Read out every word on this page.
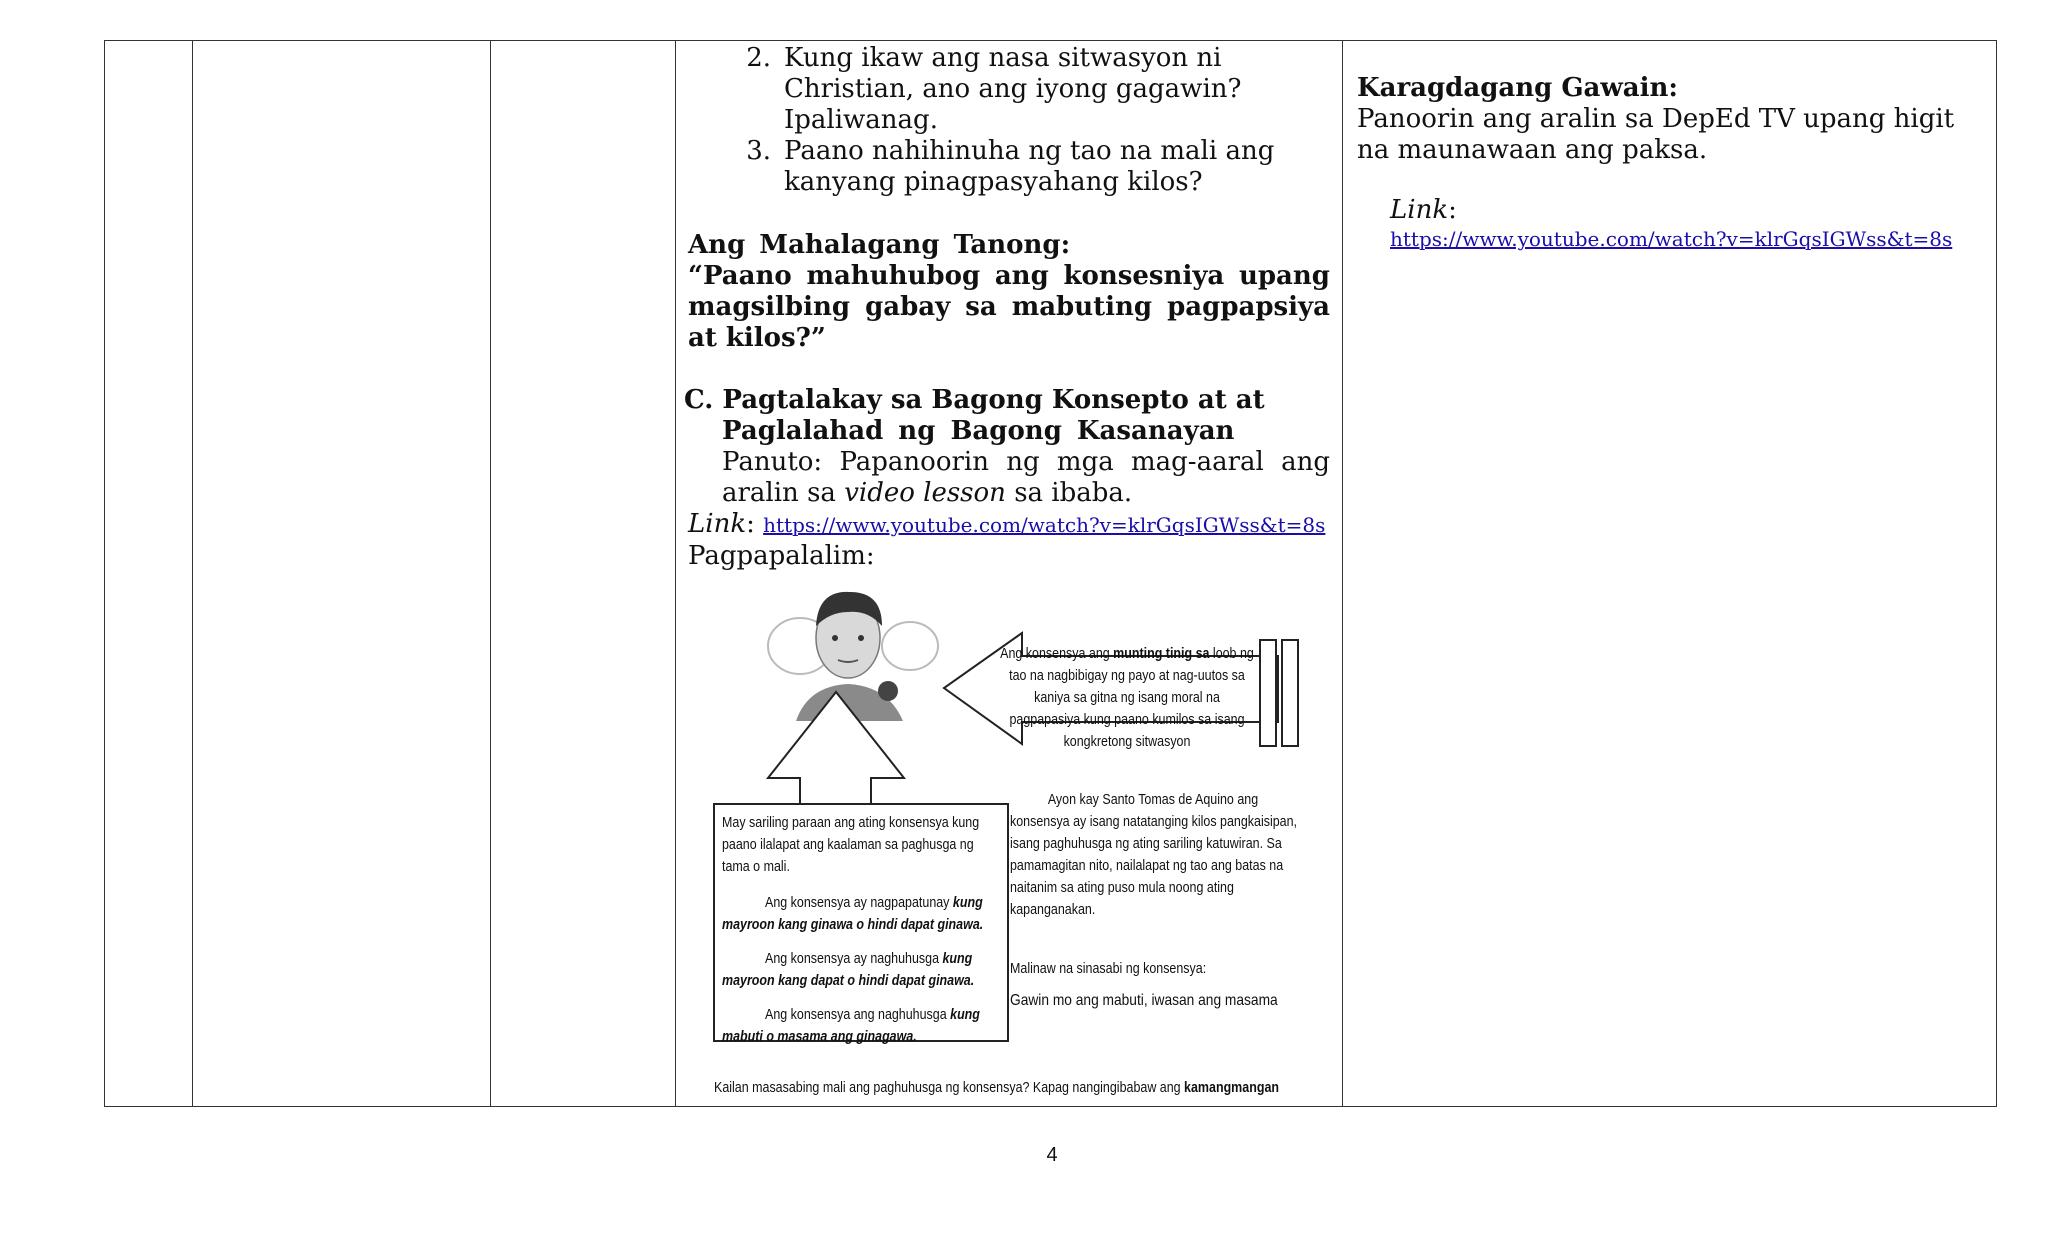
2. Kung ikaw ang nasa sitwasyon ni Christian, ano ang iyong gagawin? Ipaliwanag.
3. Paano nahihinuha ng tao na mali ang kanyang pinagpasyahang kilos?
Ang Mahalagang Tanong:
“Paano mahuhubog ang konsesniya upang magsilbing gabay sa mabuting pagpapsiya at kilos?”
C. Pagtalakay sa Bagong Konsepto at at
Paglalahad ng Bagong Kasanayan
Panuto: Papanoorin ng mga mag-aaral ang aralin sa video lesson sa ibaba.
Link: https://www.youtube.com/watch?v=klrGqsIGWss&t=8s
Pagpapalalim:
Ang konsensya ang munting tinig sa loob ng tao na nagbibigay ng payo at nag-uutos sa kaniya sa gitna ng isang moral na pagpapasiya kung paano kumilos sa isang kongkretong sitwasyon
May sariling paraan ang ating konsensya kung paano ilalapat ang kaalaman sa paghusga ng tama o mali.
Ang konsensya ay nagpapatunay kung mayroon kang ginawa o hindi dapat ginawa.
Ang konsensya ay naghuhusga kung mayroon kang dapat o hindi dapat ginawa.
Ang konsensya ang naghuhusga kung mabuti o masama ang ginagawa.
Ayon kay Santo Tomas de Aquino ang konsensya ay isang natatanging kilos pangkaisipan, isang paghuhusga ng ating sariling katuwiran. Sa pamamagitan nito, nailalapat ng tao ang batas na naitanim sa ating puso mula noong ating kapanganakan.
Malinaw na sinasabi ng konsensya:
Gawin mo ang mabuti, iwasan ang masama
Kailan masasabing mali ang paghuhusga ng konsensya? Kapag nangingibabaw ang kamangmangan

Karagdagang Gawain:
Panoorin ang aralin sa DepEd TV upang higit na maunawaan ang paksa.
Link:
https://www.youtube.com/watch?v=klrGqsIGWss&t=8s
4
